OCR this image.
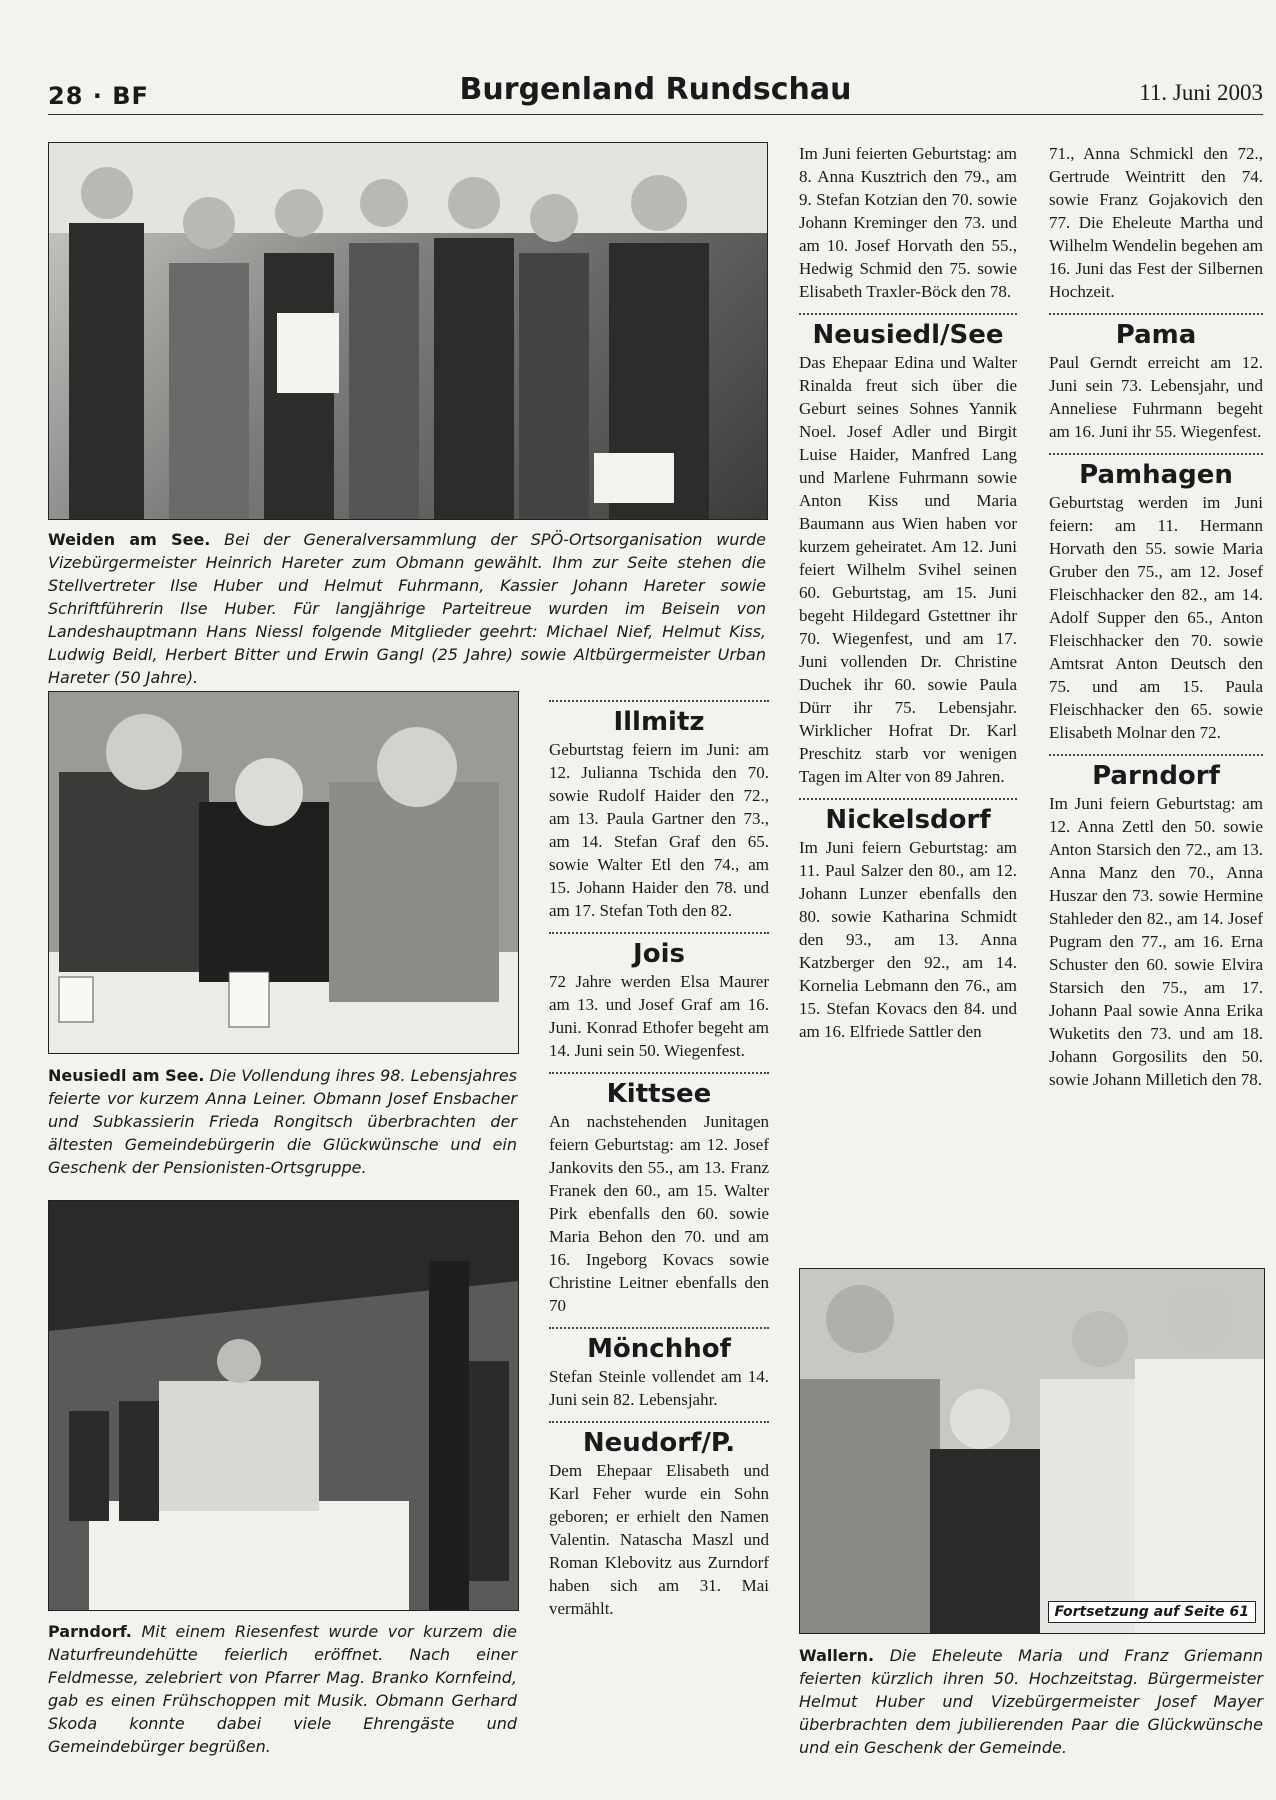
28 · BF	Burgenland Rundschau	11. Juni 2003
Weiden am See. Bei der Generalversammlung der SPÖ-Ortsorganisation wurde Vizebürgermeister Heinrich Hareter zum Obmann gewählt. Ihm zur Seite stehen die Stellvertreter Ilse Huber und Helmut Fuhrmann, Kassier Johann Hareter sowie Schriftführerin Ilse Huber. Für langjährige Parteitreue wurden im Beisein von Landeshauptmann Hans Niessl folgende Mitglieder geehrt: Michael Nief, Helmut Kiss, Ludwig Beidl, Herbert Bitter und Erwin Gangl (25 Jahre) sowie Altbürgermeister Urban Hareter (50 Jahre).
Neusiedl am See. Die Vollendung ihres 98. Lebensjahres feierte vor kurzem Anna Leiner. Obmann Josef Ensbacher und Subkassierin Frieda Rongitsch überbrachten der ältesten Gemeindebürgerin die Glückwünsche und ein Geschenk der Pensionisten-Ortsgruppe.
Parndorf. Mit einem Riesenfest wurde vor kurzem die Naturfreundehütte feierlich eröffnet. Nach einer Feldmesse, zelebriert von Pfarrer Mag. Branko Kornfeind, gab es einen Frühschoppen mit Musik. Obmann Gerhard Skoda konnte dabei viele Ehrengäste und Gemeindebürger begrüßen.
Illmitz

Geburtstag feiern im Juni: am 12. Julianna Tschida den 70. sowie Rudolf Haider den 72., am 13. Paula Gartner den 73., am 14. Stefan Graf den 65. sowie Walter Etl den 74., am 15. Johann Haider den 78. und am 17. Stefan Toth den 82.

Jois

72 Jahre werden Elsa Maurer am 13. und Josef Graf am 16. Juni. Konrad Ethofer begeht am 14. Juni sein 50. Wiegenfest.

Kittsee

An nachstehenden Junitagen feiern Geburtstag: am 12. Josef Jankovits den 55., am 13. Franz Franek den 60., am 15. Walter Pirk ebenfalls den 60. sowie Maria Behon den 70. und am 16. Ingeborg Kovacs sowie Christine Leitner ebenfalls den 70

Mönchhof

Stefan Steinle vollendet am 14. Juni sein 82. Lebensjahr.

Neudorf/P.

Dem Ehepaar Elisabeth und Karl Feher wurde ein Sohn geboren; er erhielt den Namen Valentin. Natascha Maszl und Roman Klebovitz aus Zurndorf haben sich am 31. Mai vermählt.

Im Juni feierten Geburtstag: am 8. Anna Kusztrich den 79., am 9. Stefan Kotzian den 70. sowie Johann Kreminger den 73. und am 10. Josef Horvath den 55., Hedwig Schmid den 75. sowie Elisabeth Traxler-Böck den 78.

Neusiedl/See

Das Ehepaar Edina und Walter Rinalda freut sich über die Geburt seines Sohnes Yannik Noel. Josef Adler und Birgit Luise Haider, Manfred Lang und Marlene Fuhrmann sowie Anton Kiss und Maria Baumann aus Wien haben vor kurzem geheiratet. Am 12. Juni feiert Wilhelm Svihel seinen 60. Geburtstag, am 15. Juni begeht Hildegard Gstettner ihr 70. Wiegenfest, und am 17. Juni vollenden Dr. Christine Duchek ihr 60. sowie Paula Dürr ihr 75. Lebensjahr. Wirklicher Hofrat Dr. Karl Preschitz starb vor wenigen Tagen im Alter von 89 Jahren.

Nickelsdorf

Im Juni feiern Geburtstag: am 11. Paul Salzer den 80., am 12. Johann Lunzer ebenfalls den 80. sowie Katharina Schmidt den 93., am 13. Anna Katzberger den 92., am 14. Kornelia Lebmann den 76., am 15. Stefan Kovacs den 84. und am 16. Elfriede Sattler den

71., Anna Schmickl den 72., Gertrude Weintritt den 74. sowie Franz Gojakovich den 77. Die Eheleute Martha und Wilhelm Wendelin begehen am 16. Juni das Fest der Silbernen Hochzeit.

Pama

Paul Gerndt erreicht am 12. Juni sein 73. Lebensjahr, und Anneliese Fuhrmann begeht am 16. Juni ihr 55. Wiegenfest.

Pamhagen

Geburtstag werden im Juni feiern: am 11. Hermann Horvath den 55. sowie Maria Gruber den 75., am 12. Josef Fleischhacker den 82., am 14. Adolf Supper den 65., Anton Fleischhacker den 70. sowie Amtsrat Anton Deutsch den 75. und am 15. Paula Fleischhacker den 65. sowie Elisabeth Molnar den 72.

Parndorf

Im Juni feiern Geburtstag: am 12. Anna Zettl den 50. sowie Anton Starsich den 72., am 13. Anna Manz den 70., Anna Huszar den 73. sowie Hermine Stahleder den 82., am 14. Josef Pugram den 77., am 16. Erna Schuster den 60. sowie Elvira Starsich den 75., am 17. Johann Paal sowie Anna Erika Wuketits den 73. und am 18. Johann Gorgosilits den 50. sowie Johann Milletich den 78.

Fortsetzung auf Seite 61
Wallern. Die Eheleute Maria und Franz Griemann feierten kürzlich ihren 50. Hochzeitstag. Bürgermeister Helmut Huber und Vizebürgermeister Josef Mayer überbrachten dem jubilierenden Paar die Glückwünsche und ein Geschenk der Gemeinde.
